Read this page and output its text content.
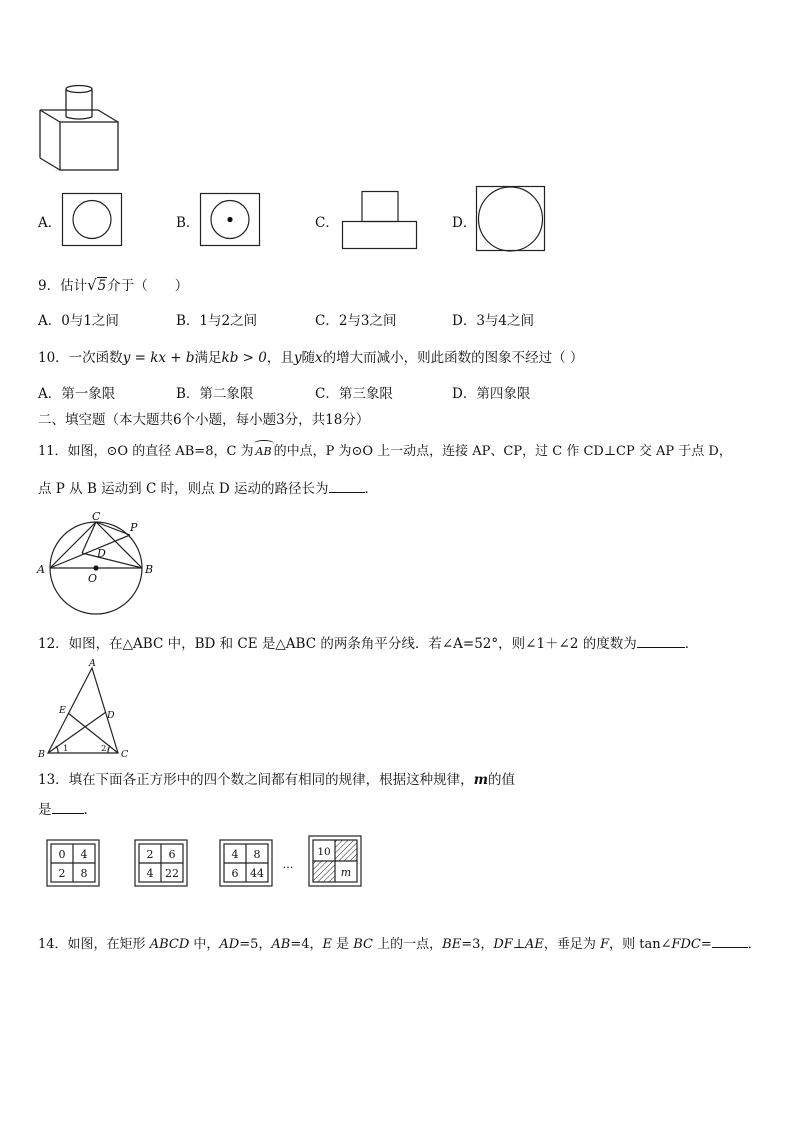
A．	B．	C．	D．
9．估计√5介于（　　）
A．0与1之间	B．1与2之间	C．2与3之间	D．3与4之间
10．一次函数y = kx + b满足kb > 0，且y随x的增大而减小，则此函数的图象不经过（ ）
A．第一象限	B．第二象限	C．第三象限	D．第四象限
二、填空题（本大题共6个小题，每小题3分，共18分）
11．如图，⊙O 的直径 AB=8，C 为 AB 的中点，P 为⊙O 上一动点，连接 AP、CP，过 C 作 CD⊥CP 交 AP 于点 D，
点 P 从 B 运动到 C 时，则点 D 运动的路径长为	．
A	B
C
P
D
O
12．如图，在△ABC 中，BD 和 CE 是△ABC 的两条角平分线．若∠A=52°，则∠1＋∠2 的度数为	．
A
B	C
D
E
1	2
13．填在下面各正方形中的四个数之间都有相同的规律，根据这种规律，m的值
是 ．
0 4
2 8
2 6
4 22
4 8
6 44
10
m
…
14．如图，在矩形 ABCD 中，AD=5，AB=4，E 是 BC 上的一点，BE=3，DF⊥AE，垂足为 F，则 tan∠FDC=	．
